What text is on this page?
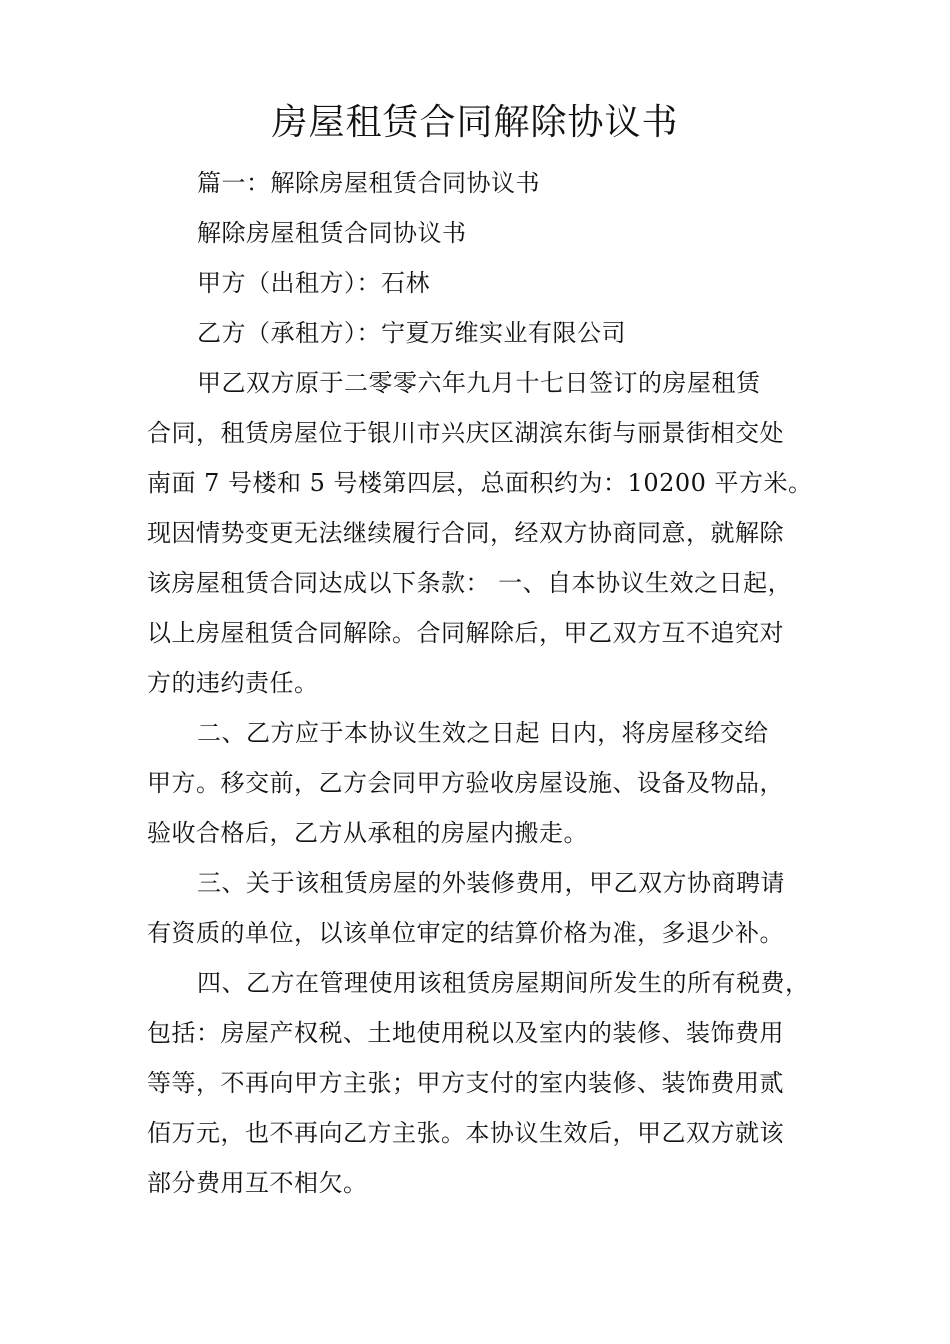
房屋租赁合同解除协议书
篇一：解除房屋租赁合同协议书
解除房屋租赁合同协议书
甲方（出租方）：石林
乙方（承租方）：宁夏万维实业有限公司
甲乙双方原于二零零六年九月十七日签订的房屋租赁
合同，租赁房屋位于银川市兴庆区湖滨东街与丽景街相交处
南面 7 号楼和 5 号楼第四层，总面积约为：10200 平方米。
现因情势变更无法继续履行合同，经双方协商同意，就解除
该房屋租赁合同达成以下条款： 一、自本协议生效之日起，
以上房屋租赁合同解除。合同解除后，甲乙双方互不追究对
方的违约责任。
二、乙方应于本协议生效之日起 日内，将房屋移交给
甲方。移交前，乙方会同甲方验收房屋设施、设备及物品，
验收合格后，乙方从承租的房屋内搬走。
三、关于该租赁房屋的外装修费用，甲乙双方协商聘请
有资质的单位，以该单位审定的结算价格为准，多退少补。
四、乙方在管理使用该租赁房屋期间所发生的所有税费，
包括：房屋产权税、土地使用税以及室内的装修、装饰费用
等等，不再向甲方主张；甲方支付的室内装修、装饰费用贰
佰万元，也不再向乙方主张。本协议生效后，甲乙双方就该
部分费用互不相欠。
